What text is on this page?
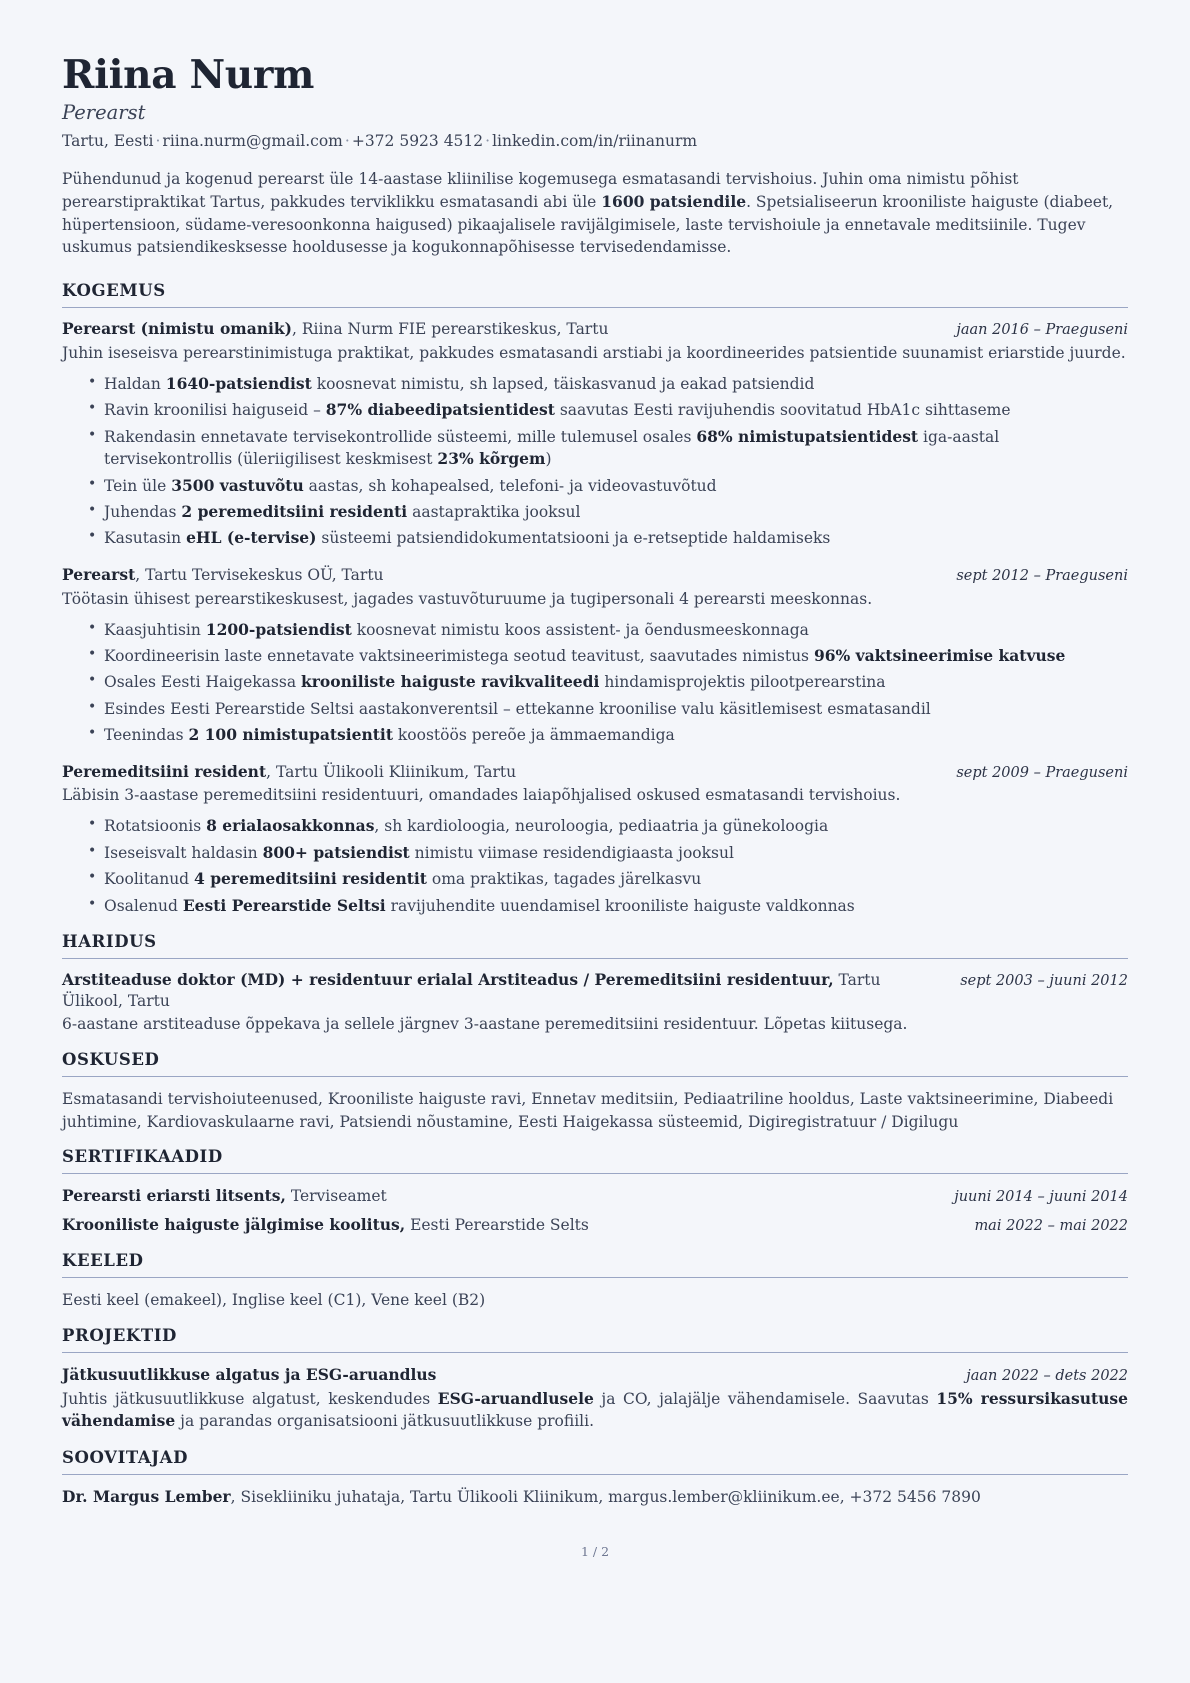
Riina Nurm
Perearst
Tartu, Eesti · riina.nurm@gmail.com · +372 5923 4512 · linkedin.com/in/riinanurm

Pühendunud ja kogenud perearst üle 14-aastase kliinilise kogemusega esmatasandi tervishoius. Juhin oma nimistu põhist perearstipraktikat Tartus, pakkudes terviklikku esmatasandi abi üle 1600 patsiendile. Spetsialiseerun krooniliste haiguste (diabeet, hüpertensioon, südame-veresoonkonna haigused) pikaajalisele ravijälgimisele, laste tervishoiule ja ennetavale meditsiinile. Tugev uskumus patsiendikesksesse hooldusesse ja kogukonnapõhisesse tervisedendamisse.

KOGEMUS
Perearst (nimistu omanik), Riina Nurm FIE perearstikeskus, Tartu	jaan 2016 – Praeguseni

Juhin iseseisva perearstinimistuga praktikat, pakkudes esmatasandi arstiabi ja koordineerides patsientide suunamist eriarstide juurde.

• Haldan 1640-patsiendist koosnevat nimistu, sh lapsed, täiskasvanud ja eakad patsiendid
• Ravin kroonilisi haiguseid – 87% diabeedipatsientidest saavutas Eesti ravijuhendis soovitatud HbA1c sihttaseme
• Rakendasin ennetavate tervisekontrollide süsteemi, mille tulemusel osales 68% nimistupatsientidest iga-aastal tervisekontrollis (üleriigilisest keskmisest 23% kõrgem)
• Tein üle 3500 vastuvõtu aastas, sh kohapealsed, telefoni- ja videovastuvõtud
• Juhendas 2 peremeditsiini residenti aastapraktika jooksul
• Kasutasin eHL (e-tervise) süsteemi patsiendidokumentatsiooni ja e-retseptide haldamiseks
Perearst, Tartu Tervisekeskus OÜ, Tartu	sept 2012 – Praeguseni

Töötasin ühisest perearstikeskusest, jagades vastuvõturuume ja tugipersonali 4 perearsti meeskonnas.

• Kaasjuhtisin 1200-patsiendist koosnevat nimistu koos assistent- ja õendusmeeskonnaga
• Koordineerisin laste ennetavate vaktsineerimistega seotud teavitust, saavutades nimistus 96% vaktsineerimise katvuse
• Osales Eesti Haigekassa krooniliste haiguste ravikvaliteedi hindamisprojektis pilootperearstina
• Esindes Eesti Perearstide Seltsi aastakonverentsil – ettekanne kroonilise valu käsitlemisest esmatasandil
• Teenindas 2 100 nimistupatsientit koostöös pereõe ja ämmaemandiga
Peremeditsiini resident, Tartu Ülikooli Kliinikum, Tartu	sept 2009 – Praeguseni

Läbisin 3-aastase peremeditsiini residentuuri, omandades laiapõhjalised oskused esmatasandi tervishoius.

• Rotatsioonis 8 erialaosakkonnas, sh kardioloogia, neuroloogia, pediaatria ja günekoloogia
• Iseseisvalt haldasin 800+ patsiendist nimistu viimase residendigiaasta jooksul
• Koolitanud 4 peremeditsiini residentit oma praktikas, tagades järelkasvu
• Osalenud Eesti Perearstide Seltsi ravijuhendite uuendamisel krooniliste haiguste valdkonnas
HARIDUS
Arstiteaduse doktor (MD) + residentuur erialal Arstiteadus / Peremeditsiini residentuur, Tartu Ülikool, Tartu
sept 2003 – juuni 2012

6-aastane arstiteaduse õppekava ja sellele järgnev 3-aastane peremeditsiini residentuur. Lõpetas kiitusega.

OSKUSED

Esmatasandi tervishoiuteenused, Krooniliste haiguste ravi, Ennetav meditsiin, Pediaatriline hooldus, Laste vaktsineerimine, Diabeedi juhtimine, Kardiovaskulaarne ravi, Patsiendi nõustamine, Eesti Haigekassa süsteemid, Digiregistratuur / Digilugu

SERTIFIKAADID
Perearsti eriarsti litsents, Terviseamet	juuni 2014 – juuni 2014
Krooniliste haiguste jälgimise koolitus, Eesti Perearstide Selts	mai 2022 – mai 2022
KEELED

Eesti keel (emakeel), Inglise keel (C1), Vene keel (B2)

PROJEKTID
Jätkusuutlikkuse algatus ja ESG-aruandlus	jaan 2022 – dets 2022

Juhtis jätkusuutlikkuse algatust, keskendudes ESG-aruandlusele ja CO, jalajälje vähendamisele. Saavutas 15% ressursikasutuse vähendamise ja parandas organisatsiooni jätkusuutlikkuse profiili.

SOOVITAJAD
Dr. Margus Lember, Sisekliiniku juhataja, Tartu Ülikooli Kliinikum, margus.lember@kliinikum.ee, +372 5456 7890
1 / 2
